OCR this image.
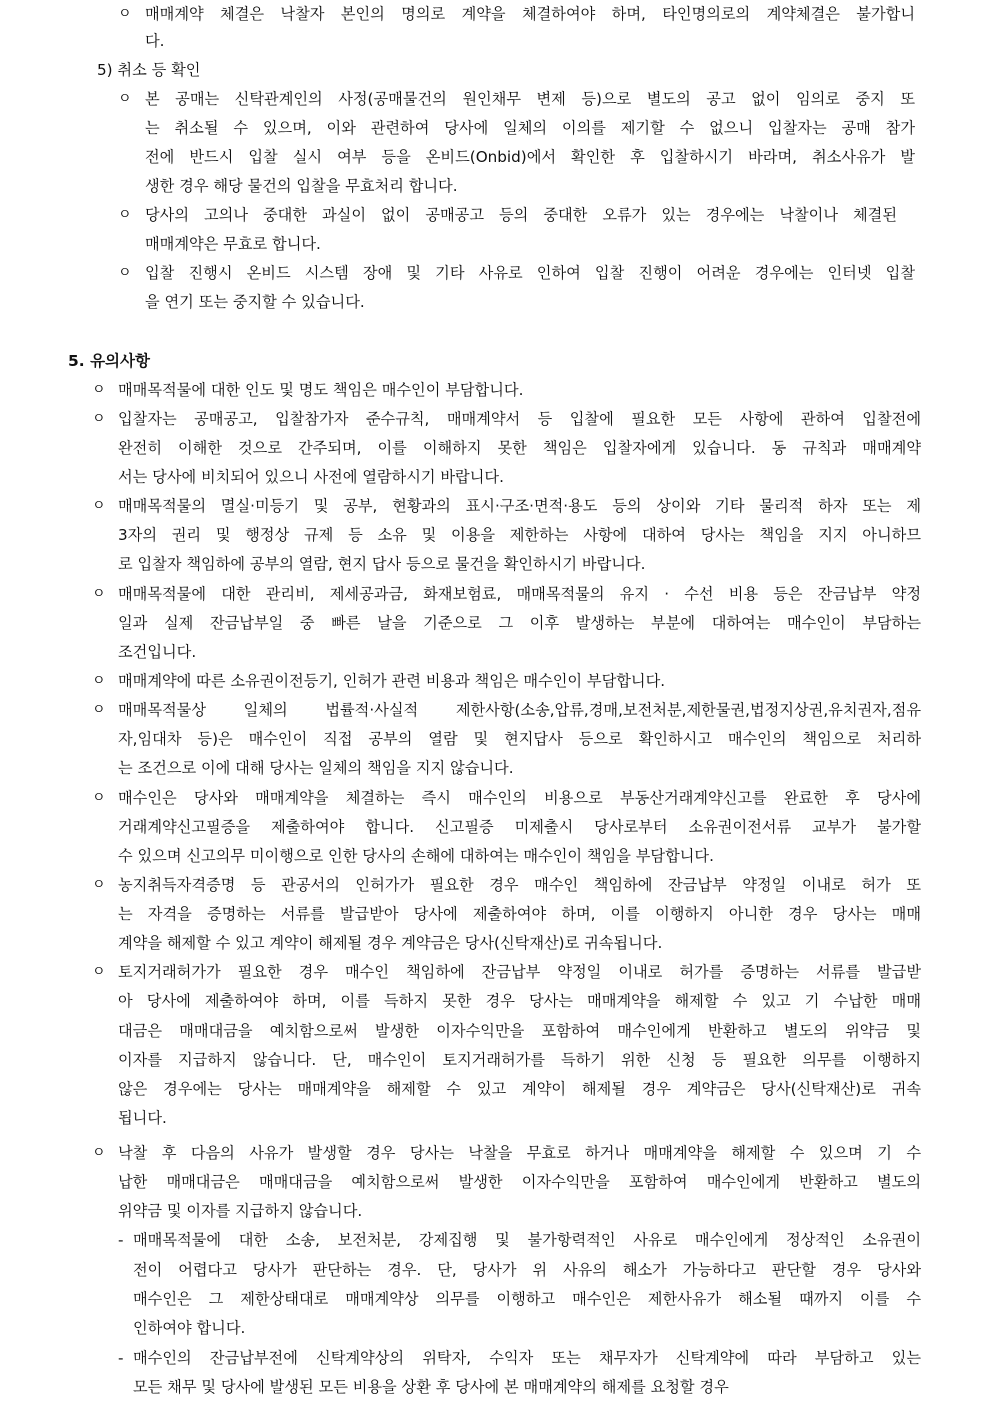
ㅇ 매매계약 체결은 낙찰자 본인의 명의로 계약을 체결하여야 하며, 타인명의로의 계약체결은 불가합니
다.
5) 취소 등 확인
ㅇ 본 공매는 신탁관계인의 사정(공매물건의 원인채무 변제 등)으로 별도의 공고 없이 임의로 중지 또
는 취소될 수 있으며, 이와 관련하여 당사에 일체의 이의를 제기할 수 없으니 입찰자는 공매 참가
전에 반드시 입찰 실시 여부 등을 온비드(Onbid)에서 확인한 후 입찰하시기 바라며, 취소사유가 발
생한 경우 해당 물건의 입찰을 무효처리 합니다.
ㅇ 당사의 고의나 중대한 과실이 없이 공매공고 등의 중대한 오류가 있는 경우에는 낙찰이나 체결된
매매계약은 무효로 합니다.
ㅇ 입찰 진행시 온비드 시스템 장애 및 기타 사유로 인하여 입찰 진행이 어려운 경우에는 인터넷 입찰
을 연기 또는 중지할 수 있습니다.
5. 유의사항
ㅇ 매매목적물에 대한 인도 및 명도 책임은 매수인이 부담합니다.
ㅇ 입찰자는 공매공고, 입찰참가자 준수규칙, 매매계약서 등 입찰에 필요한 모든 사항에 관하여 입찰전에
완전히 이해한 것으로 간주되며, 이를 이해하지 못한 책임은 입찰자에게 있습니다. 동 규칙과 매매계약
서는 당사에 비치되어 있으니 사전에 열람하시기 바랍니다.
ㅇ 매매목적물의 멸실·미등기 및 공부, 현황과의 표시·구조·면적·용도 등의 상이와 기타 물리적 하자 또는 제
3자의 권리 및 행정상 규제 등 소유 및 이용을 제한하는 사항에 대하여 당사는 책임을 지지 아니하므
로 입찰자 책임하에 공부의 열람, 현지 답사 등으로 물건을 확인하시기 바랍니다.
ㅇ 매매목적물에 대한 관리비, 제세공과금, 화재보험료, 매매목적물의 유지 · 수선 비용 등은 잔금납부 약정
일과 실제 잔금납부일 중 빠른 날을 기준으로 그 이후 발생하는 부분에 대하여는 매수인이 부담하는
조건입니다.
ㅇ 매매계약에 따른 소유권이전등기, 인허가 관련 비용과 책임은 매수인이 부담합니다.
ㅇ 매매목적물상 일체의 법률적·사실적 제한사항(소송,압류,경매,보전처분,제한물권,법정지상권,유치권자,점유
자,임대차 등)은 매수인이 직접 공부의 열람 및 현지답사 등으로 확인하시고 매수인의 책임으로 처리하
는 조건으로 이에 대해 당사는 일체의 책임을 지지 않습니다.
ㅇ 매수인은 당사와 매매계약을 체결하는 즉시 매수인의 비용으로 부동산거래계약신고를 완료한 후 당사에
거래계약신고필증을 제출하여야 합니다. 신고필증 미제출시 당사로부터 소유권이전서류 교부가 불가할
수 있으며 신고의무 미이행으로 인한 당사의 손해에 대하여는 매수인이 책임을 부담합니다.
ㅇ 농지취득자격증명 등 관공서의 인허가가 필요한 경우 매수인 책임하에 잔금납부 약정일 이내로 허가 또
는 자격을 증명하는 서류를 발급받아 당사에 제출하여야 하며, 이를 이행하지 아니한 경우 당사는 매매
계약을 해제할 수 있고 계약이 해제될 경우 계약금은 당사(신탁재산)로 귀속됩니다.
ㅇ 토지거래허가가 필요한 경우 매수인 책임하에 잔금납부 약정일 이내로 허가를 증명하는 서류를 발급받
아 당사에 제출하여야 하며, 이를 득하지 못한 경우 당사는 매매계약을 해제할 수 있고 기 수납한 매매
대금은 매매대금을 예치함으로써 발생한 이자수익만을 포함하여 매수인에게 반환하고 별도의 위약금 및
이자를 지급하지 않습니다. 단, 매수인이 토지거래허가를 득하기 위한 신청 등 필요한 의무를 이행하지
않은 경우에는 당사는 매매계약을 해제할 수 있고 계약이 해제될 경우 계약금은 당사(신탁재산)로 귀속
됩니다.
ㅇ 낙찰 후 다음의 사유가 발생할 경우 당사는 낙찰을 무효로 하거나 매매계약을 해제할 수 있으며 기 수
납한 매매대금은 매매대금을 예치함으로써 발생한 이자수익만을 포함하여 매수인에게 반환하고 별도의
위약금 및 이자를 지급하지 않습니다.
- 매매목적물에 대한 소송, 보전처분, 강제집행 및 불가항력적인 사유로 매수인에게 정상적인 소유권이
전이 어렵다고 당사가 판단하는 경우. 단, 당사가 위 사유의 해소가 가능하다고 판단할 경우 당사와
매수인은 그 제한상태대로 매매계약상 의무를 이행하고 매수인은 제한사유가 해소될 때까지 이를 수
인하여야 합니다.
- 매수인의 잔금납부전에 신탁계약상의 위탁자, 수익자 또는 채무자가 신탁계약에 따라 부담하고 있는
모든 채무 및 당사에 발생된 모든 비용을 상환 후 당사에 본 매매계약의 해제를 요청할 경우
